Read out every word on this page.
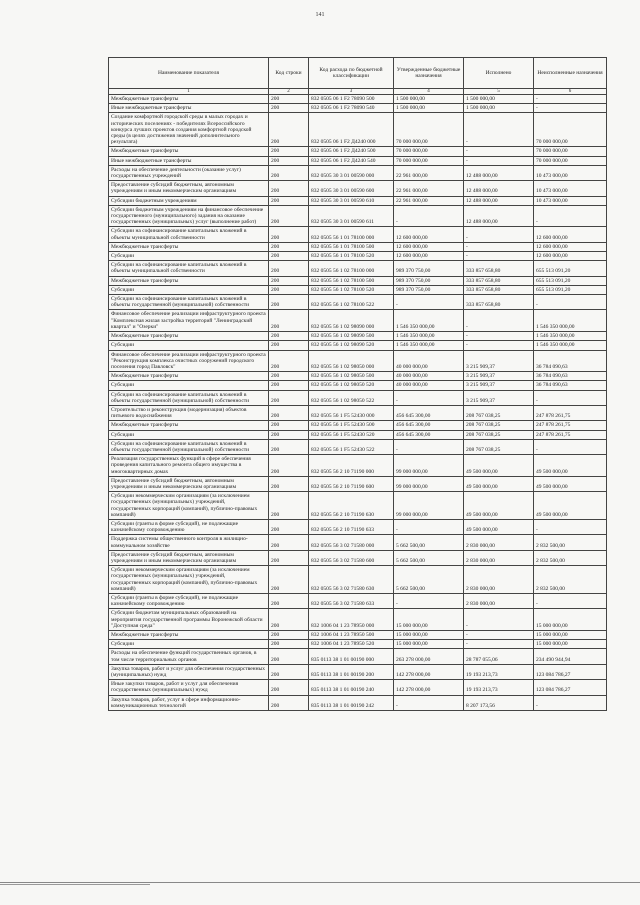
141
Наименование показателя	Код строки	Код расхода по бюджетной классификации	Утвержденные бюджетные назначения	Исполнено	Неисполненные назначения
1	2	3	4	5	6
Межбюджетные трансферты	200	832 0505 06 1 F2 78090 500	1 500 000,00	1 500 000,00	-
Иные межбюджетные трансферты	200	832 0505 06 1 F2 78090 540	1 500 000,00	1 500 000,00	-
Создание комфортной городской среды в малых городах и исторических поселениях - победителях Всероссийского конкурса лучших проектов создания комфортной городской среды (в целях достижения значений дополнительного результата)	200	832 0505 06 1 F2 Д4240 000	70 000 000,00	-	70 000 000,00
Межбюджетные трансферты	200	832 0505 06 1 F2 Д4240 500	70 000 000,00	-	70 000 000,00
Иные межбюджетные трансферты	200	832 0505 06 1 F2 Д4240 540	70 000 000,00	-	70 000 000,00
Расходы на обеспечение деятельности (оказание услуг) государственных учреждений	200	832 0505 30 3 01 00590 000	22 961 000,00	12 488 000,00	10 473 000,00
Предоставление субсидий бюджетным, автономным учреждениям и иным некоммерческим организациям	200	832 0505 30 3 01 00590 600	22 961 000,00	12 488 000,00	10 473 000,00
Субсидии бюджетным учреждениям	200	832 0505 30 3 01 00590 610	22 961 000,00	12 488 000,00	10 473 000,00
Субсидии бюджетным учреждениям на финансовое обеспечение государственного (муниципального) задания на оказание государственных (муниципальных) услуг (выполнение работ)	200	832 0505 30 3 01 00590 611	-	12 488 000,00	-
Субсидии на софинансирование капитальных вложений в объекты муниципальной собственности	200	832 0505 56 1 01 78100 000	12 600 000,00	-	12 600 000,00
Межбюджетные трансферты	200	832 0505 56 1 01 78100 500	12 600 000,00	-	12 600 000,00
Субсидии	200	832 0505 56 1 01 78100 520	12 600 000,00	-	12 600 000,00
Субсидии на софинансирование капитальных вложений в объекты муниципальной собственности	200	832 0505 56 1 02 78100 000	989 370 750,00	333 857 658,80	655 513 091,20
Межбюджетные трансферты	200	832 0505 56 1 02 78100 500	989 370 750,00	333 857 658,80	655 513 091,20
Субсидии	200	832 0505 56 1 02 78100 520	989 370 750,00	333 857 658,80	655 513 091,20
Субсидии на софинансирование капитальных вложений в объекты государственной (муниципальной) собственности	200	832 0505 56 1 02 78100 522	-	333 857 658,80	-
Финансовое обеспечение реализации инфраструктурного проекта "Комплексная жилая застройка территорий "Ленинградский квартал" и "Озерки"	200	832 0505 56 1 02 98090 000	1 546 350 000,00	-	1 546 350 000,00
Межбюджетные трансферты	200	832 0505 56 1 02 98090 500	1 546 350 000,00	-	1 546 350 000,00
Субсидии	200	832 0505 56 1 02 98090 520	1 546 350 000,00	-	1 546 350 000,00
Финансовое обеспечение реализации инфраструктурного проекта "Реконструкция комплекса очистных сооружений городского поселения город Павловск"	200	832 0505 56 1 02 98050 000	40 000 000,00	3 215 909,37	36 784 090,63
Межбюджетные трансферты	200	832 0505 56 1 02 98050 500	40 000 000,00	3 215 909,37	36 784 090,63
Субсидии	200	832 0505 56 1 02 98050 520	40 000 000,00	3 215 909,37	36 784 090,63
Субсидии на софинансирование капитальных вложений в объекты государственной (муниципальной) собственности	200	832 0505 56 1 02 98050 522	-	3 215 909,37	-
Строительство и реконструкция (модернизация) объектов питьевого водоснабжения	200	832 0505 56 1 F5 52430 000	456 645 300,00	208 767 038,25	247 878 261,75
Межбюджетные трансферты	200	832 0505 56 1 F5 52430 500	456 645 300,00	208 767 038,25	247 878 261,75
Субсидии	200	832 0505 56 1 F5 52430 520	456 645 300,00	208 767 038,25	247 878 261,75
Субсидии на софинансирование капитальных вложений в объекты государственной (муниципальной) собственности	200	832 0505 56 1 F5 52430 522	-	208 767 038,25	-
Реализация государственных функций в сфере обеспечения проведения капитального ремонта общего имущества в многоквартирных домах	200	832 0505 56 2 10 71190 000	99 000 000,00	49 500 000,00	49 500 000,00
Предоставление субсидий бюджетным, автономным учреждениям и иным некоммерческим организациям	200	832 0505 56 2 10 71190 600	99 000 000,00	49 500 000,00	49 500 000,00
Субсидии некоммерческим организациям (за исключением государственных (муниципальных) учреждений, государственных корпораций (компаний), публично-правовых компаний)	200	832 0505 56 2 10 71190 630	99 000 000,00	49 500 000,00	49 500 000,00
Субсидии (гранты в форме субсидий), не подлежащие казначейскому сопровождению	200	832 0505 56 2 10 71190 633	-	49 500 000,00	-
Поддержка системы общественного контроля в жилищно-коммунальном хозяйстве	200	832 0505 56 3 02 71580 000	5 662 500,00	2 830 000,00	2 832 500,00
Предоставление субсидий бюджетным, автономным учреждениям и иным некоммерческим организациям	200	832 0505 56 3 02 71580 600	5 662 500,00	2 830 000,00	2 832 500,00
Субсидии некоммерческим организациям (за исключением государственных (муниципальных) учреждений, государственных корпораций (компаний), публично-правовых компаний)	200	832 0505 56 3 02 71580 630	5 662 500,00	2 830 000,00	2 832 500,00
Субсидии (гранты в форме субсидий), не подлежащие казначейскому сопровождению	200	832 0505 56 3 02 71580 633	-	2 830 000,00	-
Субсидии бюджетам муниципальных образований на мероприятия государственной программы Воронежской области "Доступная среда"	200	832 1006 04 1 23 78950 000	15 000 000,00	-	15 000 000,00
Межбюджетные трансферты	200	832 1006 04 1 23 78950 500	15 000 000,00	-	15 000 000,00
Субсидии	200	832 1006 04 1 23 78950 520	15 000 000,00	-	15 000 000,00
Расходы на обеспечение функций государственных органов, в том числе территориальных органов	200	835 0113 38 1 01 00190 000	263 278 000,00	28 787 055,06	234 490 944,94
Закупка товаров, работ и услуг для обеспечения государственных (муниципальных) нужд	200	835 0113 38 1 01 00190 200	142 278 000,00	19 193 213,73	123 084 786,27
Иные закупки товаров, работ и услуг для обеспечения государственных (муниципальных) нужд	200	835 0113 38 1 01 00190 240	142 278 000,00	19 193 213,73	123 084 786,27
Закупка товаров, работ, услуг в сфере информационно-коммуникационных технологий	200	835 0113 38 1 01 00190 242	-	8 207 173,56	-
